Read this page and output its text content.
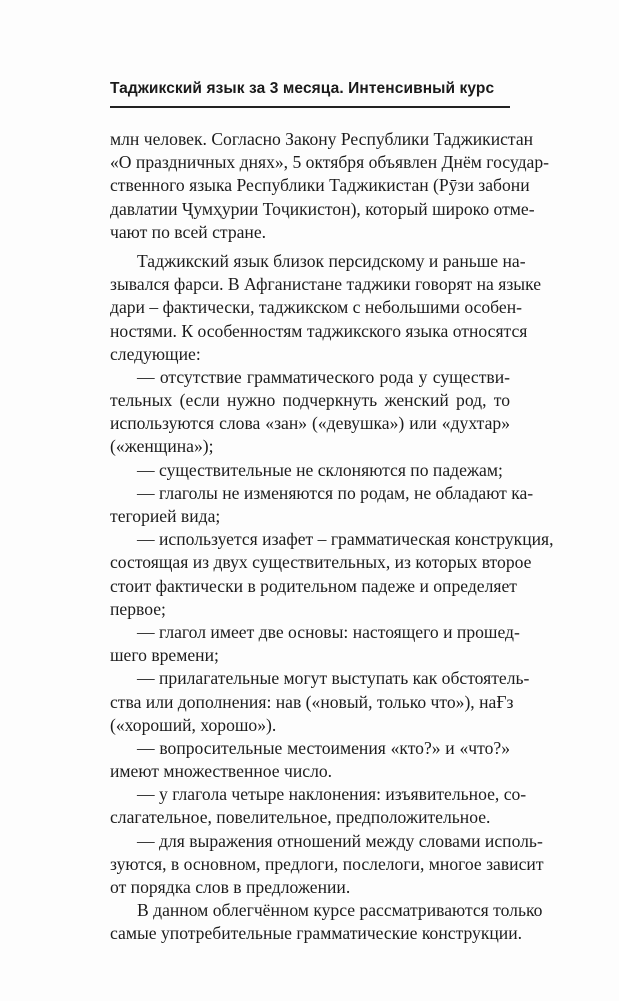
Таджикский язык за 3 месяца. Интенсивный курс
млн человек. Согласно Закону Республики Таджикистан
«О праздничных днях», 5 октября объявлен Днём государ-
ственного языка Республики Таджикистан (Рӯзи забони
давлатии Ҷумҳурии Тоҷикистон), который широко отме-
чают по всей стране.
Таджикский язык близок персидскому и раньше на-
зывался фарси. В Афганистане таджики говорят на языке
дари – фактически, таджикском с небольшими особен-
ностями. К особенностям таджикского языка относятся
следующие:
— отсутствие грамматического рода у существи-
тельных (если нужно подчеркнуть женский род, то
используются слова «зан» («девушка») или «духтар»
(«женщина»);
— существительные не склоняются по падежам;
— глаголы не изменяются по родам, не обладают ка-
тегорией вида;
— используется изафет – грамматическая конструкция,
состоящая из двух существительных, из которых второе
стоит фактически в родительном падеже и определяет
первое;
— глагол имеет две основы: настоящего и прошед-
шего времени;
— прилагательные могут выступать как обстоятель-
ства или дополнения: нав («новый, только что»), наҒз
(«хороший, хорошо»).
— вопросительные местоимения «кто?» и «что?»
имеют множественное число.
— у глагола четыре наклонения: изъявительное, со-
слагательное, повелительное, предположительное.
— для выражения отношений между словами исполь-
зуются, в основном, предлоги, послелоги, многое зависит
от порядка слов в предложении.
В данном облегчённом курсе рассматриваются только
самые употребительные грамматические конструкции.
